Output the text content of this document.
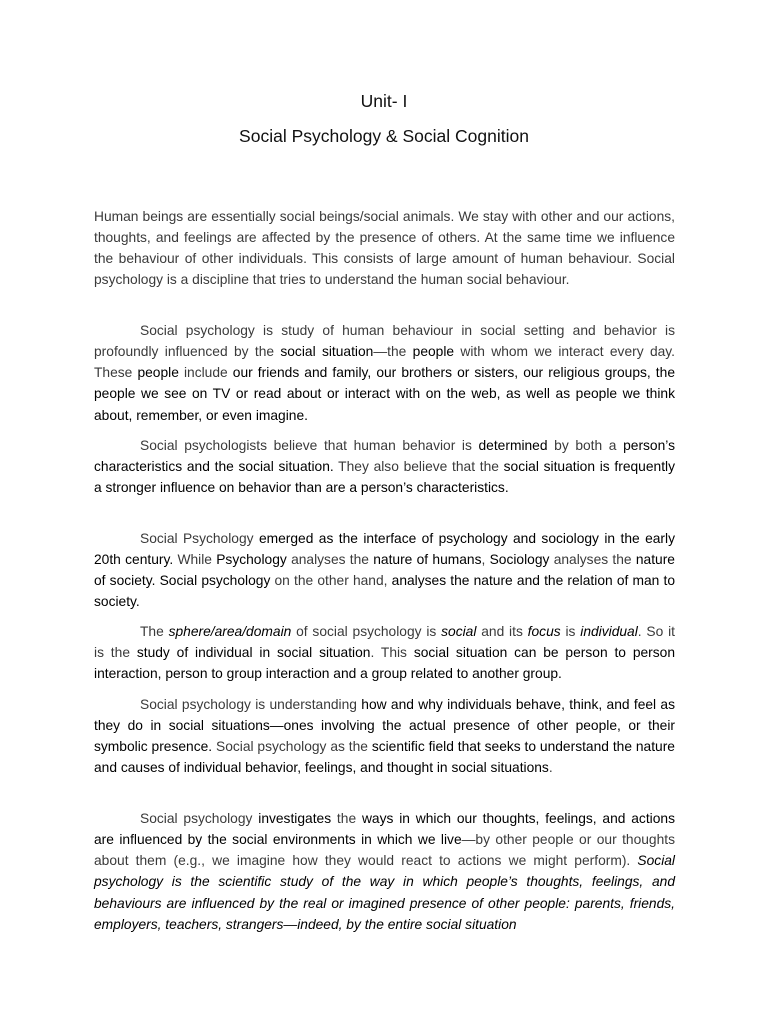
Unit- I
Social Psychology & Social Cognition

Human beings are essentially social beings/social animals. We stay with other and our actions, thoughts, and feelings are affected by the presence of others. At the same time we influence the behaviour of other individuals. This consists of large amount of human behaviour. Social psychology is a discipline that tries to understand the human social behaviour.

Social psychology is study of human behaviour in social setting and behavior is profoundly influenced by the social situation—the people with whom we interact every day. These people include our friends and family, our brothers or sisters, our religious groups, the people we see on TV or read about or interact with on the web, as well as people we think about, remember, or even imagine.

Social psychologists believe that human behavior is determined by both a person’s characteristics and the social situation. They also believe that the social situation is frequently a stronger influence on behavior than are a person’s characteristics.

Social Psychology emerged as the interface of psychology and sociology in the early 20th century. While Psychology analyses the nature of humans, Sociology analyses the nature of society. Social psychology on the other hand, analyses the nature and the relation of man to society.

The sphere/area/domain of social psychology is social and its focus is individual. So it is the study of individual in social situation. This social situation can be person to person interaction, person to group interaction and a group related to another group.

Social psychology is understanding how and why individuals behave, think, and feel as they do in social situations—ones involving the actual presence of other people, or their symbolic presence. Social psychology as the scientific field that seeks to understand the nature and causes of individual behavior, feelings, and thought in social situations.

Social psychology investigates the ways in which our thoughts, feelings, and actions are influenced by the social environments in which we live—by other people or our thoughts about them (e.g., we imagine how they would react to actions we might perform). Social psychology is the scientific study of the way in which people’s thoughts, feelings, and behaviours are influenced by the real or imagined presence of other people: parents, friends, employers, teachers, strangers—indeed, by the entire social situation
